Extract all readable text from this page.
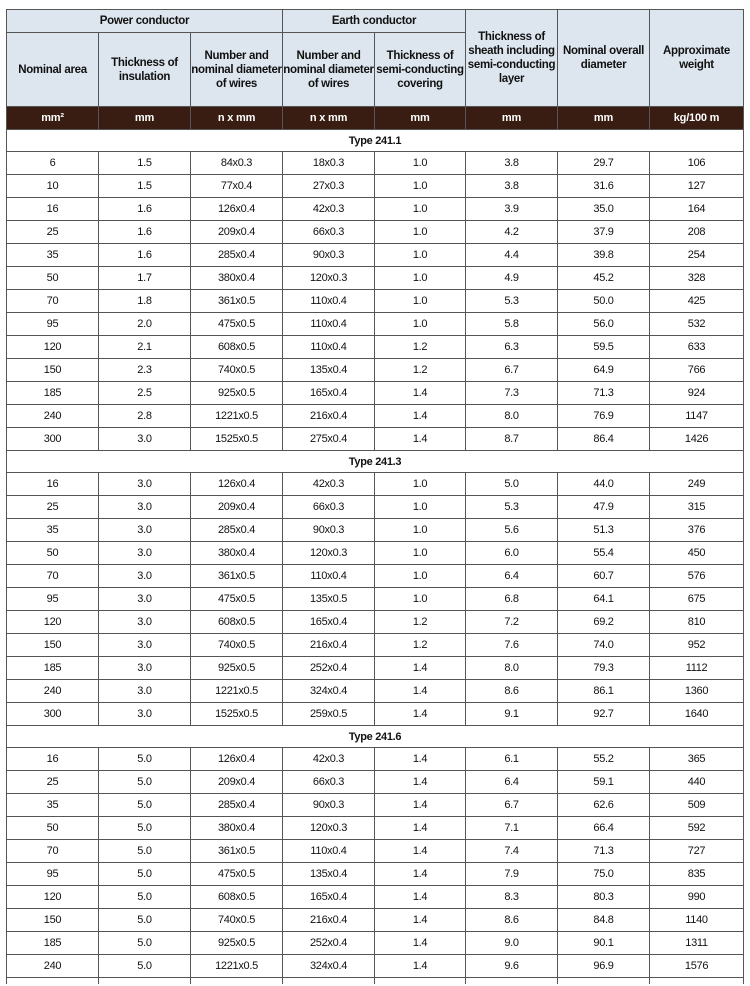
Power conductor			Earth conductor		Thickness of sheath including semi-conducting layer	Nominal overall diameter	Approximate weight
Nominal area	Thickness of insulation	Number and nominal diameter of wires	Number and nominal diameter of wires	Thickness of semi-conducting covering			
mm²	mm	n x mm	n x mm	mm	mm	mm	kg/100 m
Type 241.1							
6	1.5	84x0.3	18x0.3	1.0	3.8	29.7	106
10	1.5	77x0.4	27x0.3	1.0	3.8	31.6	127
16	1.6	126x0.4	42x0.3	1.0	3.9	35.0	164
25	1.6	209x0.4	66x0.3	1.0	4.2	37.9	208
35	1.6	285x0.4	90x0.3	1.0	4.4	39.8	254
50	1.7	380x0.4	120x0.3	1.0	4.9	45.2	328
70	1.8	361x0.5	110x0.4	1.0	5.3	50.0	425
95	2.0	475x0.5	110x0.4	1.0	5.8	56.0	532
120	2.1	608x0.5	110x0.4	1.2	6.3	59.5	633
150	2.3	740x0.5	135x0.4	1.2	6.7	64.9	766
185	2.5	925x0.5	165x0.4	1.4	7.3	71.3	924
240	2.8	1221x0.5	216x0.4	1.4	8.0	76.9	1147
300	3.0	1525x0.5	275x0.4	1.4	8.7	86.4	1426
Type 241.3							
16	3.0	126x0.4	42x0.3	1.0	5.0	44.0	249
25	3.0	209x0.4	66x0.3	1.0	5.3	47.9	315
35	3.0	285x0.4	90x0.3	1.0	5.6	51.3	376
50	3.0	380x0.4	120x0.3	1.0	6.0	55.4	450
70	3.0	361x0.5	110x0.4	1.0	6.4	60.7	576
95	3.0	475x0.5	135x0.5	1.0	6.8	64.1	675
120	3.0	608x0.5	165x0.4	1.2	7.2	69.2	810
150	3.0	740x0.5	216x0.4	1.2	7.6	74.0	952
185	3.0	925x0.5	252x0.4	1.4	8.0	79.3	1112
240	3.0	1221x0.5	324x0.4	1.4	8.6	86.1	1360
300	3.0	1525x0.5	259x0.5	1.4	9.1	92.7	1640
Type 241.6							
16	5.0	126x0.4	42x0.3	1.4	6.1	55.2	365
25	5.0	209x0.4	66x0.3	1.4	6.4	59.1	440
35	5.0	285x0.4	90x0.3	1.4	6.7	62.6	509
50	5.0	380x0.4	120x0.3	1.4	7.1	66.4	592
70	5.0	361x0.5	110x0.4	1.4	7.4	71.3	727
95	5.0	475x0.5	135x0.4	1.4	7.9	75.0	835
120	5.0	608x0.5	165x0.4	1.4	8.3	80.3	990
150	5.0	740x0.5	216x0.4	1.4	8.6	84.8	1140
185	5.0	925x0.5	252x0.4	1.4	9.0	90.1	1311
240	5.0	1221x0.5	324x0.4	1.4	9.6	96.9	1576
